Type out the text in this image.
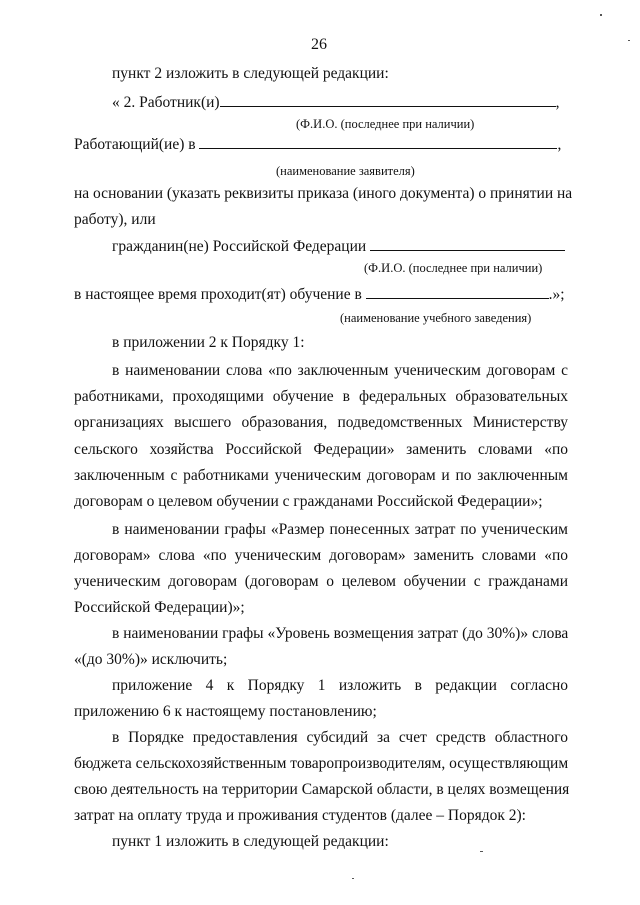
26
пункт 2 изложить в следующей редакции:
« 2. Работник(и)	,
(Ф.И.О. (последнее при наличии)
Работающий(ие) в	,
(наименование заявителя)
на основании (указать реквизиты приказа (иного документа) о принятии на
работу), или
гражданин(не) Российской Федерации
(Ф.И.О. (последнее при наличии)
в настоящее время проходит(ят) обучение в	.»;
(наименование учебного заведения)
в приложении 2 к Порядку 1:
в наименовании слова «по заключенным ученическим договорам с
работниками, проходящими обучение в федеральных образовательных
организациях высшего образования, подведомственных Министерству
сельского хозяйства Российской Федерации» заменить словами «по
заключенным с работниками ученическим договорам и по заключенным
договорам о целевом обучении с гражданами Российской Федерации»;
в наименовании графы «Размер понесенных затрат по ученическим
договорам» слова «по ученическим договорам» заменить словами «по
ученическим договорам (договорам о целевом обучении с гражданами
Российской Федерации)»;
в наименовании графы «Уровень возмещения затрат (до 30%)» слова
«(до 30%)» исключить;
приложение 4 к Порядку 1 изложить в редакции согласно
приложению 6 к настоящему постановлению;
в Порядке предоставления субсидий за счет средств областного
бюджета сельскохозяйственным товаропроизводителям, осуществляющим
свою деятельность на территории Самарской области, в целях возмещения
затрат на оплату труда и проживания студентов (далее – Порядок 2):
пункт 1 изложить в следующей редакции:
